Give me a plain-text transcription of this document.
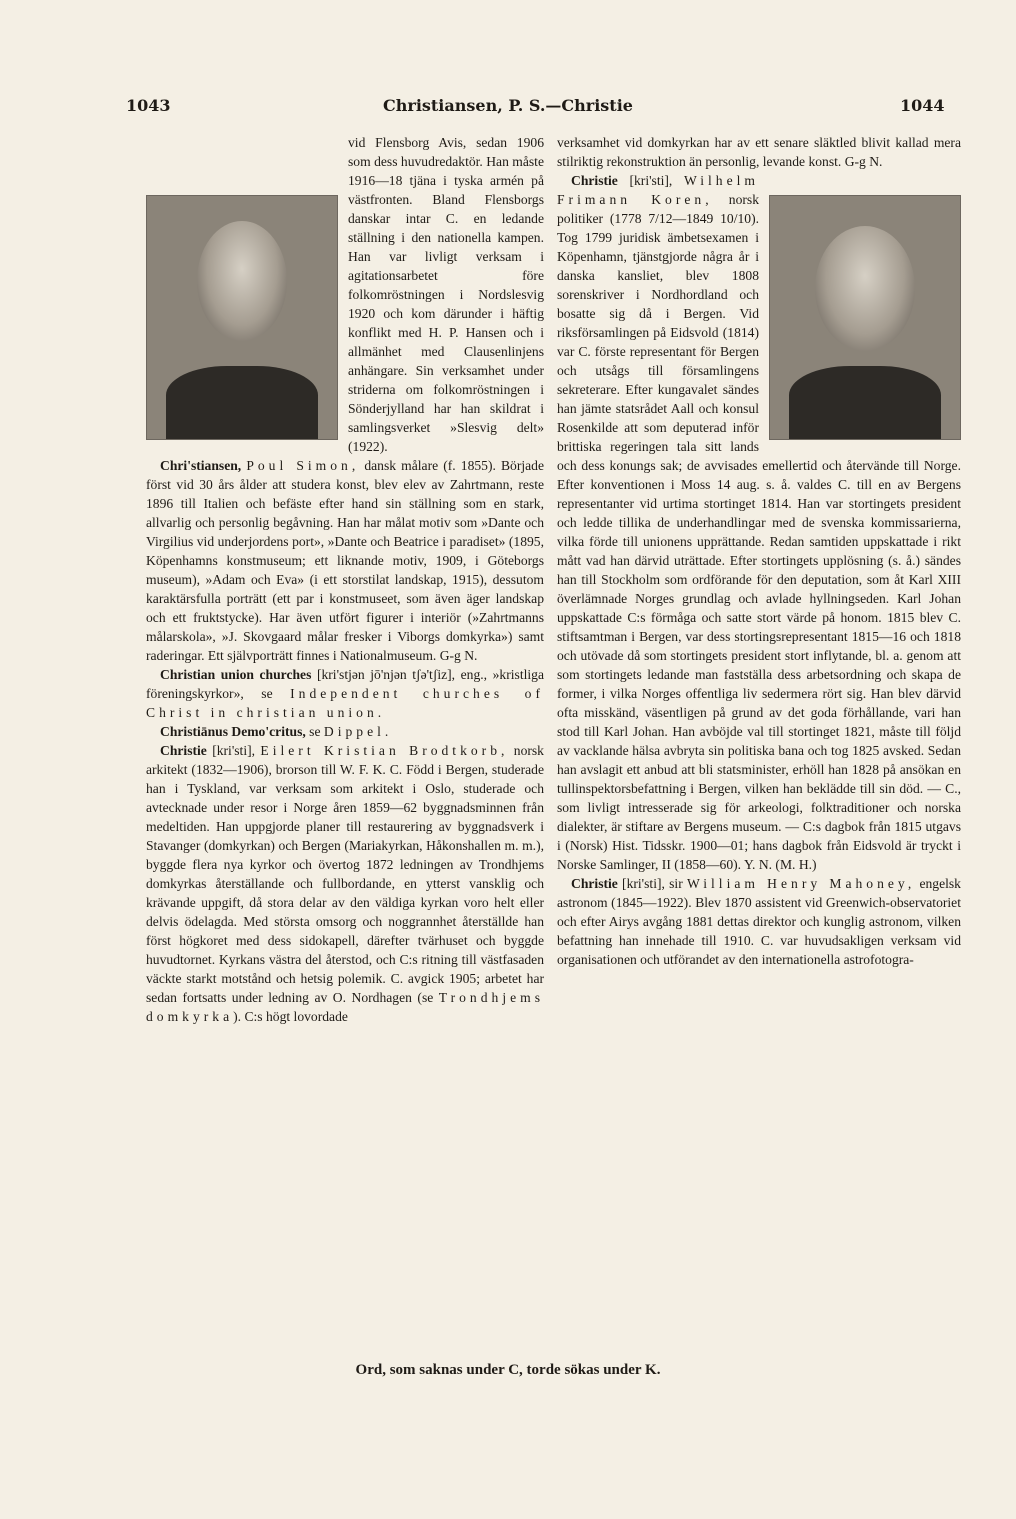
1043	Christiansen, P. S.—Christie	1044

vid Flensborg Avis, sedan 1906 som dess huvudredaktör. Han måste 1916—18 tjäna i tyska armén på västfronten. Bland Flensborgs danskar intar C. en ledande ställning i den nationella kampen. Han var livligt verksam i agitationsarbetet före folkomröstningen i Nordslesvig 1920 och kom därunder i häftig konflikt med H. P. Hansen och i allmänhet med Clausenlinjens anhängare. Sin verksamhet under striderna om folkomröstningen i Sönderjylland har han skildrat i samlingsverket »Slesvig delt» (1922).

Chri'stiansen, Poul Simon, dansk målare (f. 1855). Började först vid 30 års ålder att studera konst, blev elev av Zahrtmann, reste 1896 till Italien och befäste efter hand sin ställning som en stark, allvarlig och personlig begåvning. Han har målat motiv som »Dante och Virgilius vid underjordens port», »Dante och Beatrice i paradiset» (1895, Köpenhamns konstmuseum; ett liknande motiv, 1909, i Göteborgs museum), »Adam och Eva» (i ett storstilat landskap, 1915), dessutom karaktärsfulla porträtt (ett par i konstmuseet, som även äger landskap och ett fruktstycke). Har även utfört figurer i interiör (»Zahrtmanns målarskola», »J. Skovgaard målar fresker i Viborgs domkyrka») samt raderingar. Ett självporträtt finnes i Nationalmuseum. G-g N.

Christian union churches [kri'stjən jō'njən tʃə'tʃiz], eng., »kristliga föreningskyrkor», se Independent churches of Christ in christian union.

Christiānus Demo'critus, se Dippel.

Christie [kri'sti], Eilert Kristian Brodtkorb, norsk arkitekt (1832—1906), brorson till W. F. K. C. Född i Bergen, studerade han i Tyskland, var verksam som arkitekt i Oslo, studerade och avtecknade under resor i Norge åren 1859—62 byggnadsminnen från medeltiden. Han uppgjorde planer till restaurering av byggnadsverk i Stavanger (domkyrkan) och Bergen (Mariakyrkan, Håkonshallen m. m.), byggde flera nya kyrkor och övertog 1872 ledningen av Trondhjems domkyrkas återställande och fullbordande, en ytterst vansklig och krävande uppgift, då stora delar av den väldiga kyrkan voro helt eller delvis ödelagda. Med största omsorg och noggrannhet återställde han först högkoret med dess sidokapell, därefter tvärhuset och byggde huvudtornet. Kyrkans västra del återstod, och C:s ritning till västfasaden väckte starkt motstånd och hetsig polemik. C. avgick 1905; arbetet har sedan fortsatts under ledning av O. Nordhagen (se Trondhjems domkyrka). C:s högt lovordade

verksamhet vid domkyrkan har av ett senare släktled blivit kallad mera stilriktig rekonstruktion än personlig, levande konst. G-g N.

Christie [kri'sti], Wilhelm Frimann Koren, norsk politiker (1778 7/12—1849 10/10). Tog 1799 juridisk ämbetsexamen i Köpenhamn, tjänstgjorde några år i danska kansliet, blev 1808 sorenskriver i Nordhordland och bosatte sig då i Bergen. Vid riksförsamlingen på Eidsvold (1814) var C. förste representant för Bergen och utsågs till församlingens sekreterare. Efter kungavalet sändes han jämte statsrådet Aall och konsul Rosenkilde att som deputerad inför brittiska regeringen tala sitt lands och dess konungs sak; de avvisades emellertid och återvände till Norge. Efter konventionen i Moss 14 aug. s. å. valdes C. till en av Bergens representanter vid urtima stortinget 1814. Han var stortingets president och ledde tillika de underhandlingar med de svenska kommissarierna, vilka förde till unionens upprättande. Redan samtiden uppskattade i rikt mått vad han därvid uträttade. Efter stortingets upplösning (s. å.) sändes han till Stockholm som ordförande för den deputation, som åt Karl XIII överlämnade Norges grundlag och avlade hyllningseden. Karl Johan uppskattade C:s förmåga och satte stort värde på honom. 1815 blev C. stiftsamtman i Bergen, var dess stortingsrepresentant 1815—16 och 1818 och utövade då som stortingets president stort inflytande, bl. a. genom att som stortingets ledande man fastställa dess arbetsordning och skapa de former, i vilka Norges offentliga liv sedermera rört sig. Han blev därvid ofta misskänd, väsentligen på grund av det goda förhållande, vari han stod till Karl Johan. Han avböjde val till stortinget 1821, måste till följd av vacklande hälsa avbryta sin politiska bana och tog 1825 avsked. Sedan han avslagit ett anbud att bli statsminister, erhöll han 1828 på ansökan en tullinspektorsbefattning i Bergen, vilken han beklädde till sin död. — C., som livligt intresserade sig för arkeologi, folktraditioner och norska dialekter, är stiftare av Bergens museum. — C:s dagbok från 1815 utgavs i (Norsk) Hist. Tidsskr. 1900—01; hans dagbok från Eidsvold är tryckt i Norske Samlinger, II (1858—60). Y. N. (M. H.)

Christie [kri'sti], sir William Henry Mahoney, engelsk astronom (1845—1922). Blev 1870 assistent vid Greenwich-observatoriet och efter Airys avgång 1881 dettas direktor och kunglig astronom, vilken befattning han innehade till 1910. C. var huvudsakligen verksam vid organisationen och utförandet av den internationella astrofotogra-

Ord, som saknas under C, torde sökas under K.
